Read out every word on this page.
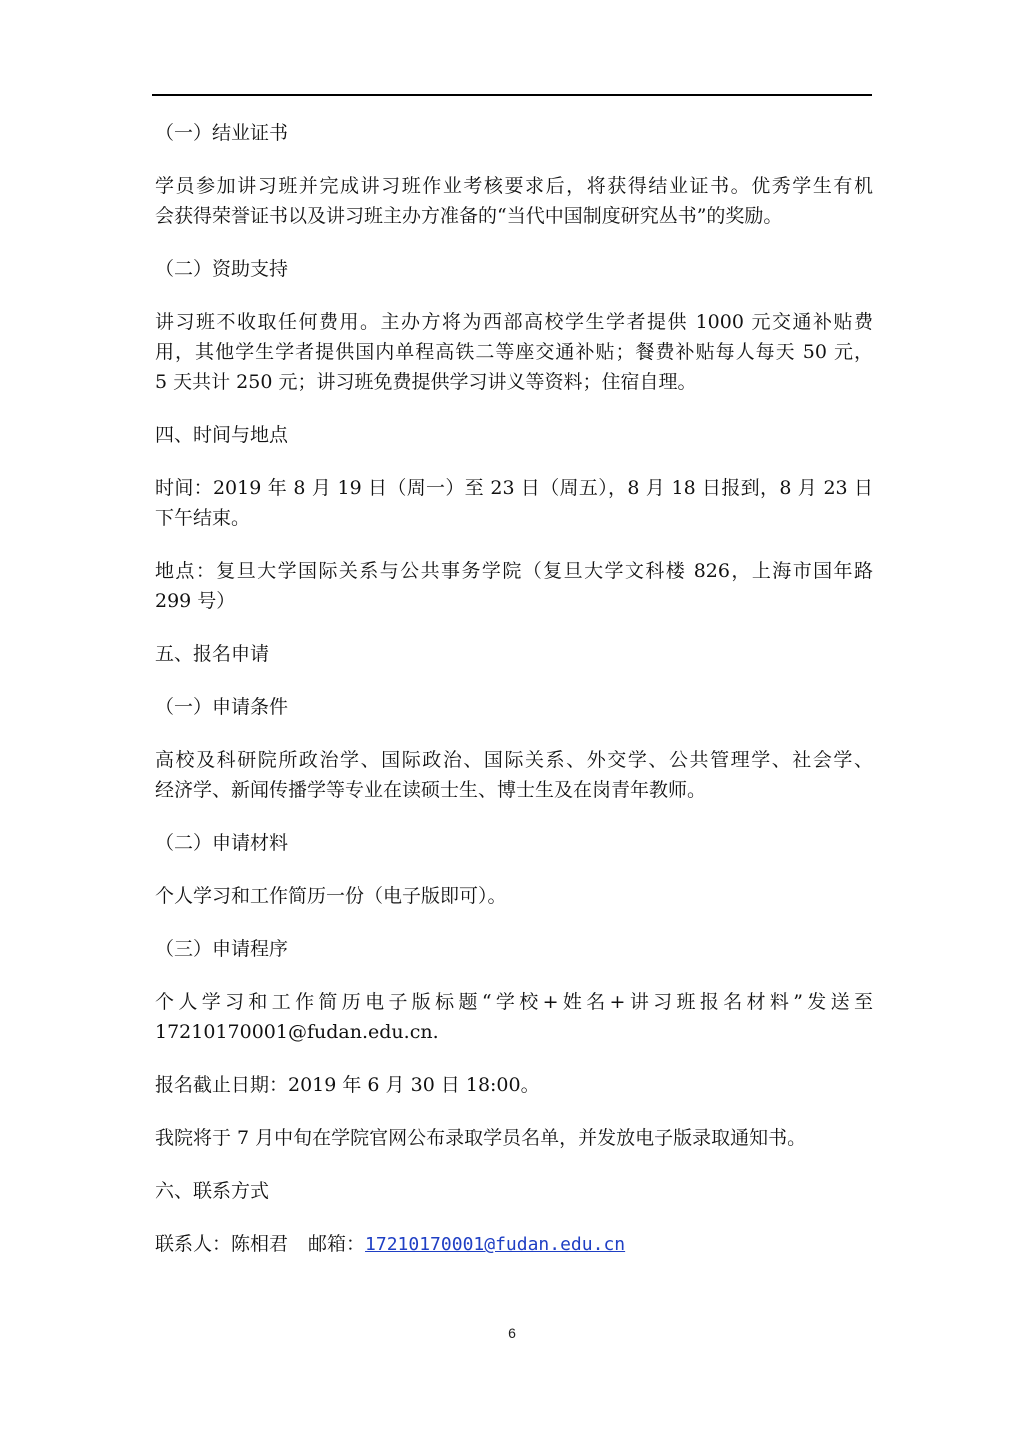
（一）结业证书
学员参加讲习班并完成讲习班作业考核要求后，将获得结业证书。优秀学生有机
会获得荣誉证书以及讲习班主办方准备的“当代中国制度研究丛书”的奖励。
（二）资助支持
讲习班不收取任何费用。主办方将为西部高校学生学者提供 1000 元交通补贴费
用，其他学生学者提供国内单程高铁二等座交通补贴；餐费补贴每人每天 50 元，
5 天共计 250 元；讲习班免费提供学习讲义等资料；住宿自理。
四、时间与地点
时间：2019 年 8 月 19 日（周一）至 23 日（周五），8 月 18 日报到，8 月 23 日
下午结束。
地点：复旦大学国际关系与公共事务学院（复旦大学文科楼 826，上海市国年路
299 号）
五、报名申请
（一）申请条件
高校及科研院所政治学、国际政治、国际关系、外交学、公共管理学、社会学、
经济学、新闻传播学等专业在读硕士生、博士生及在岗青年教师。
（二）申请材料
个人学习和工作简历一份（电子版即可）。
（三）申请程序
个人学习和工作简历电子版标题“学校+姓名+讲习班报名材料”发送至
17210170001@fudan.edu.cn.
报名截止日期：2019 年 6 月 30 日 18:00。
我院将于 7 月中旬在学院官网公布录取学员名单，并发放电子版录取通知书。
六、联系方式
联系人：陈相君 邮箱：17210170001@fudan.edu.cn
6
